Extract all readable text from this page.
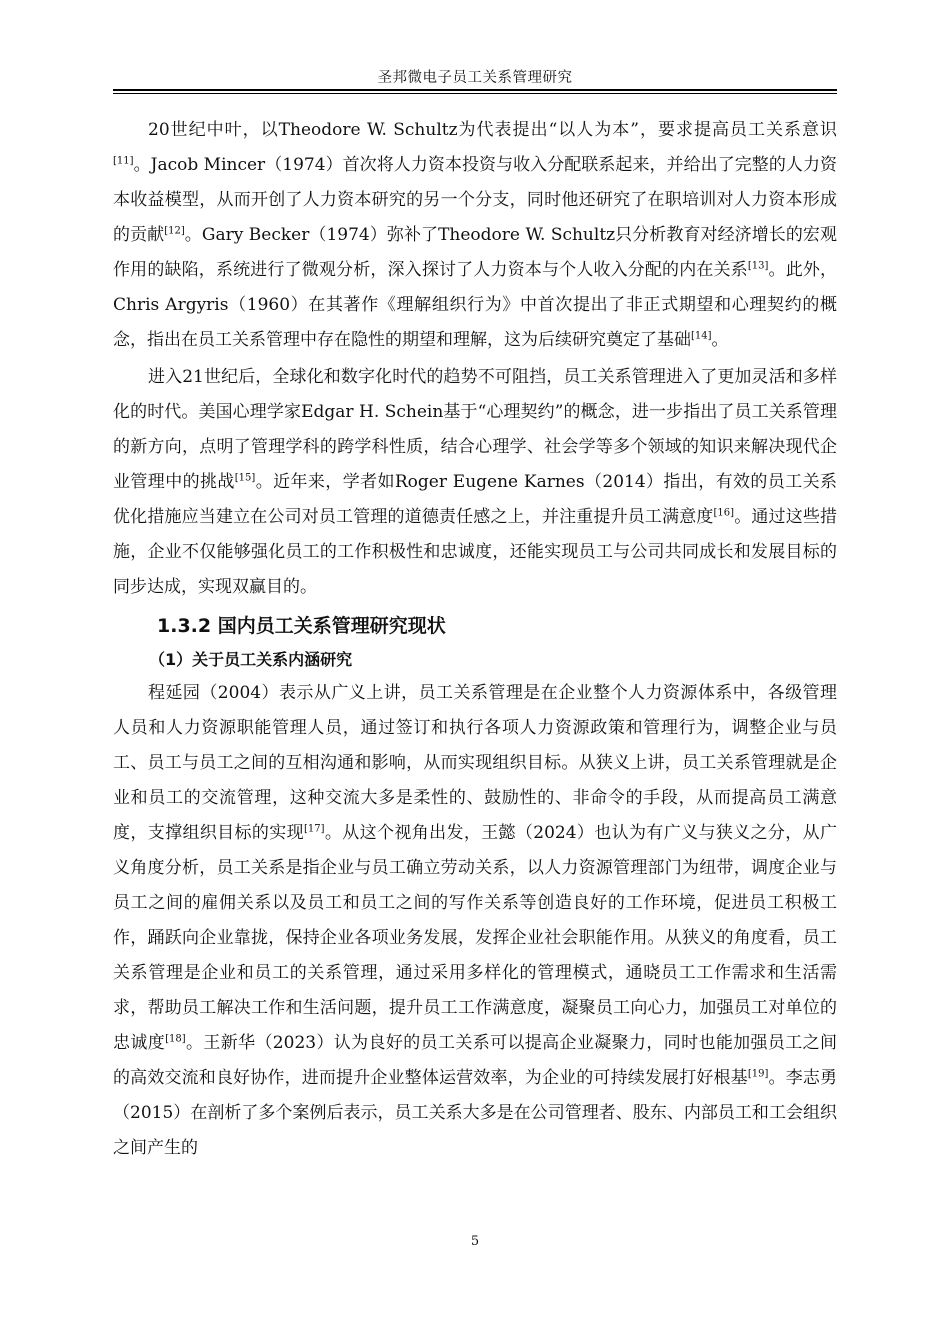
圣邦微电子员工关系管理研究

20世纪中叶，以Theodore W. Schultz为代表提出“以人为本”，要求提高员工关系意识[11]。Jacob Mincer（1974）首次将人力资本投资与收入分配联系起来，并给出了完整的人力资本收益模型，从而开创了人力资本研究的另一个分支，同时他还研究了在职培训对人力资本形成的贡献[12]。Gary Becker（1974）弥补了Theodore W. Schultz只分析教育对经济增长的宏观作用的缺陷，系统进行了微观分析，深入探讨了人力资本与个人收入分配的内在关系[13]。此外，Chris Argyris（1960）在其著作《理解组织行为》中首次提出了非正式期望和心理契约的概念，指出在员工关系管理中存在隐性的期望和理解，这为后续研究奠定了基础[14]。

进入21世纪后，全球化和数字化时代的趋势不可阻挡，员工关系管理进入了更加灵活和多样化的时代。美国心理学家Edgar H. Schein基于“心理契约”的概念，进一步指出了员工关系管理的新方向，点明了管理学科的跨学科性质，结合心理学、社会学等多个领域的知识来解决现代企业管理中的挑战[15]。近年来，学者如Roger Eugene Karnes（2014）指出，有效的员工关系优化措施应当建立在公司对员工管理的道德责任感之上，并注重提升员工满意度[16]。通过这些措施，企业不仅能够强化员工的工作积极性和忠诚度，还能实现员工与公司共同成长和发展目标的同步达成，实现双赢目的。

1.3.2 国内员工关系管理研究现状
（1）关于员工关系内涵研究

程延园（2004）表示从广义上讲，员工关系管理是在企业整个人力资源体系中，各级管理人员和人力资源职能管理人员，通过签订和执行各项人力资源政策和管理行为，调整企业与员工、员工与员工之间的互相沟通和影响，从而实现组织目标。从狭义上讲，员工关系管理就是企业和员工的交流管理，这种交流大多是柔性的、鼓励性的、非命令的手段，从而提高员工满意度，支撑组织目标的实现[17]。从这个视角出发，王懿（2024）也认为有广义与狭义之分，从广义角度分析，员工关系是指企业与员工确立劳动关系，以人力资源管理部门为纽带，调度企业与员工之间的雇佣关系以及员工和员工之间的写作关系等创造良好的工作环境，促进员工积极工作，踊跃向企业靠拢，保持企业各项业务发展，发挥企业社会职能作用。从狭义的角度看，员工关系管理是企业和员工的关系管理，通过采用多样化的管理模式，通晓员工工作需求和生活需求，帮助员工解决工作和生活问题，提升员工工作满意度，凝聚员工向心力，加强员工对单位的忠诚度[18]。王新华（2023）认为良好的员工关系可以提高企业凝聚力，同时也能加强员工之间的高效交流和良好协作，进而提升企业整体运营效率，为企业的可持续发展打好根基[19]。李志勇（2015）在剖析了多个案例后表示，员工关系大多是在公司管理者、股东、内部员工和工会组织之间产生的

5
